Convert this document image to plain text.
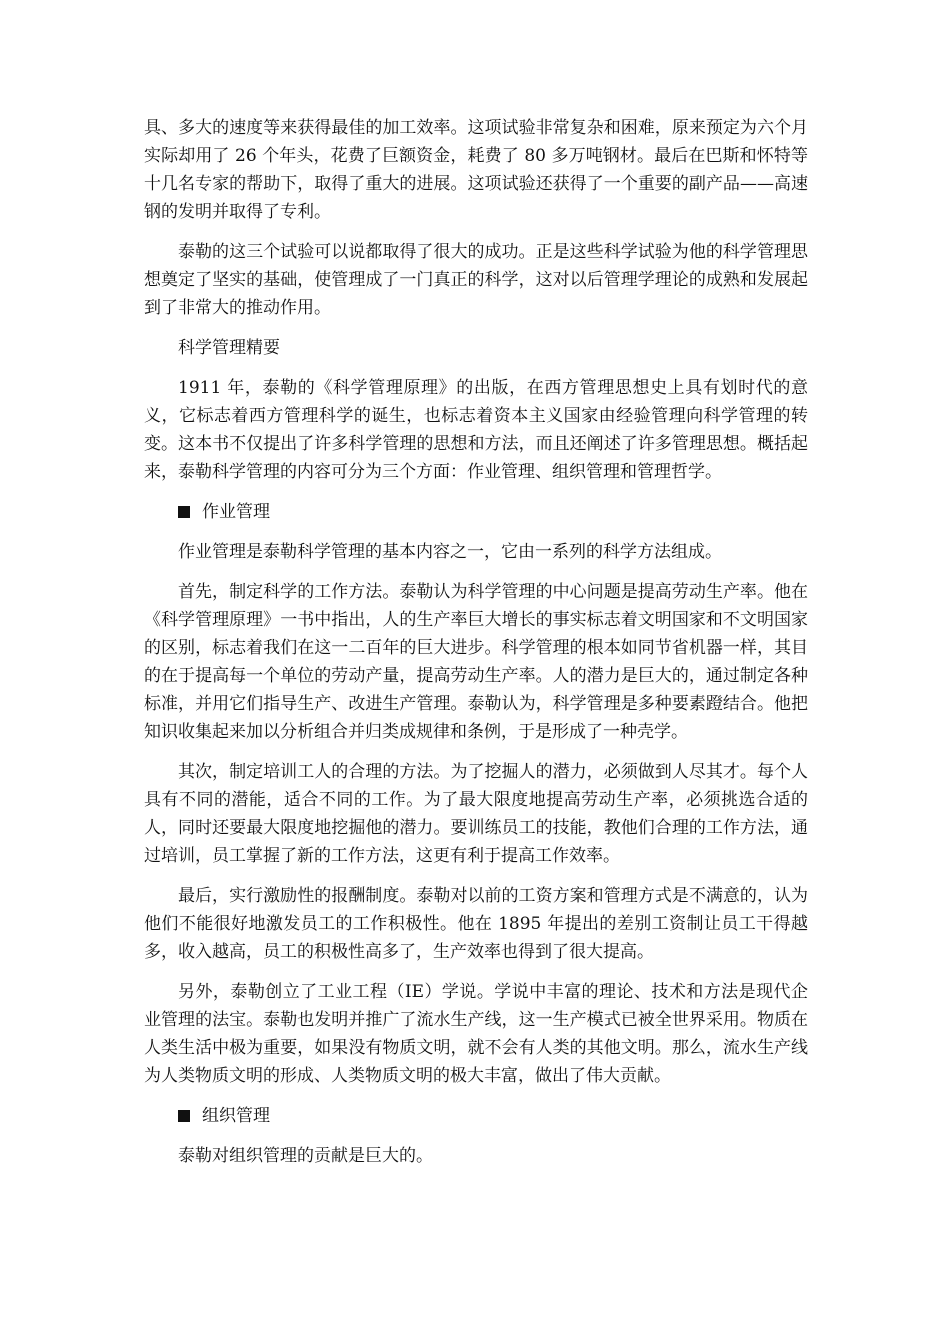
具、多大的速度等来获得最佳的加工效率。这项试验非常复杂和困难，原来预定为六个月实际却用了 26 个年头，花费了巨额资金，耗费了 80 多万吨钢材。最后在巴斯和怀特等十几名专家的帮助下，取得了重大的进展。这项试验还获得了一个重要的副产品——高速钢的发明并取得了专利。

泰勒的这三个试验可以说都取得了很大的成功。正是这些科学试验为他的科学管理思想奠定了坚实的基础，使管理成了一门真正的科学，这对以后管理学理论的成熟和发展起到了非常大的推动作用。

科学管理精要

1911 年，泰勒的《科学管理原理》的出版，在西方管理思想史上具有划时代的意义，它标志着西方管理科学的诞生，也标志着资本主义国家由经验管理向科学管理的转变。这本书不仅提出了许多科学管理的思想和方法，而且还阐述了许多管理思想。概括起来，泰勒科学管理的内容可分为三个方面：作业管理、组织管理和管理哲学。

作业管理

作业管理是泰勒科学管理的基本内容之一，它由一系列的科学方法组成。

首先，制定科学的工作方法。泰勒认为科学管理的中心问题是提高劳动生产率。他在《科学管理原理》一书中指出，人的生产率巨大增长的事实标志着文明国家和不文明国家的区别，标志着我们在这一二百年的巨大进步。科学管理的根本如同节省机器一样，其目的在于提高每一个单位的劳动产量，提高劳动生产率。人的潜力是巨大的，通过制定各种标准，并用它们指导生产、改进生产管理。泰勒认为，科学管理是多种要素蹬结合。他把知识收集起来加以分析组合并归类成规律和条例，于是形成了一种壳学。

其次，制定培训工人的合理的方法。为了挖掘人的潜力，必须做到人尽其才。每个人具有不同的潜能，适合不同的工作。为了最大限度地提高劳动生产率，必须挑选合适的人，同时还要最大限度地挖掘他的潜力。要训练员工的技能，教他们合理的工作方法，通过培训，员工掌握了新的工作方法，这更有利于提高工作效率。

最后，实行激励性的报酬制度。泰勒对以前的工资方案和管理方式是不满意的，认为他们不能很好地激发员工的工作积极性。他在 1895 年提出的差别工资制让员工干得越多，收入越高，员工的积极性高多了，生产效率也得到了很大提高。

另外，泰勒创立了工业工程（IE）学说。学说中丰富的理论、技术和方法是现代企业管理的法宝。泰勒也发明并推广了流水生产线，这一生产模式已被全世界采用。物质在人类生活中极为重要，如果没有物质文明，就不会有人类的其他文明。那么，流水生产线为人类物质文明的形成、人类物质文明的极大丰富，做出了伟大贡献。

组织管理

泰勒对组织管理的贡献是巨大的。
